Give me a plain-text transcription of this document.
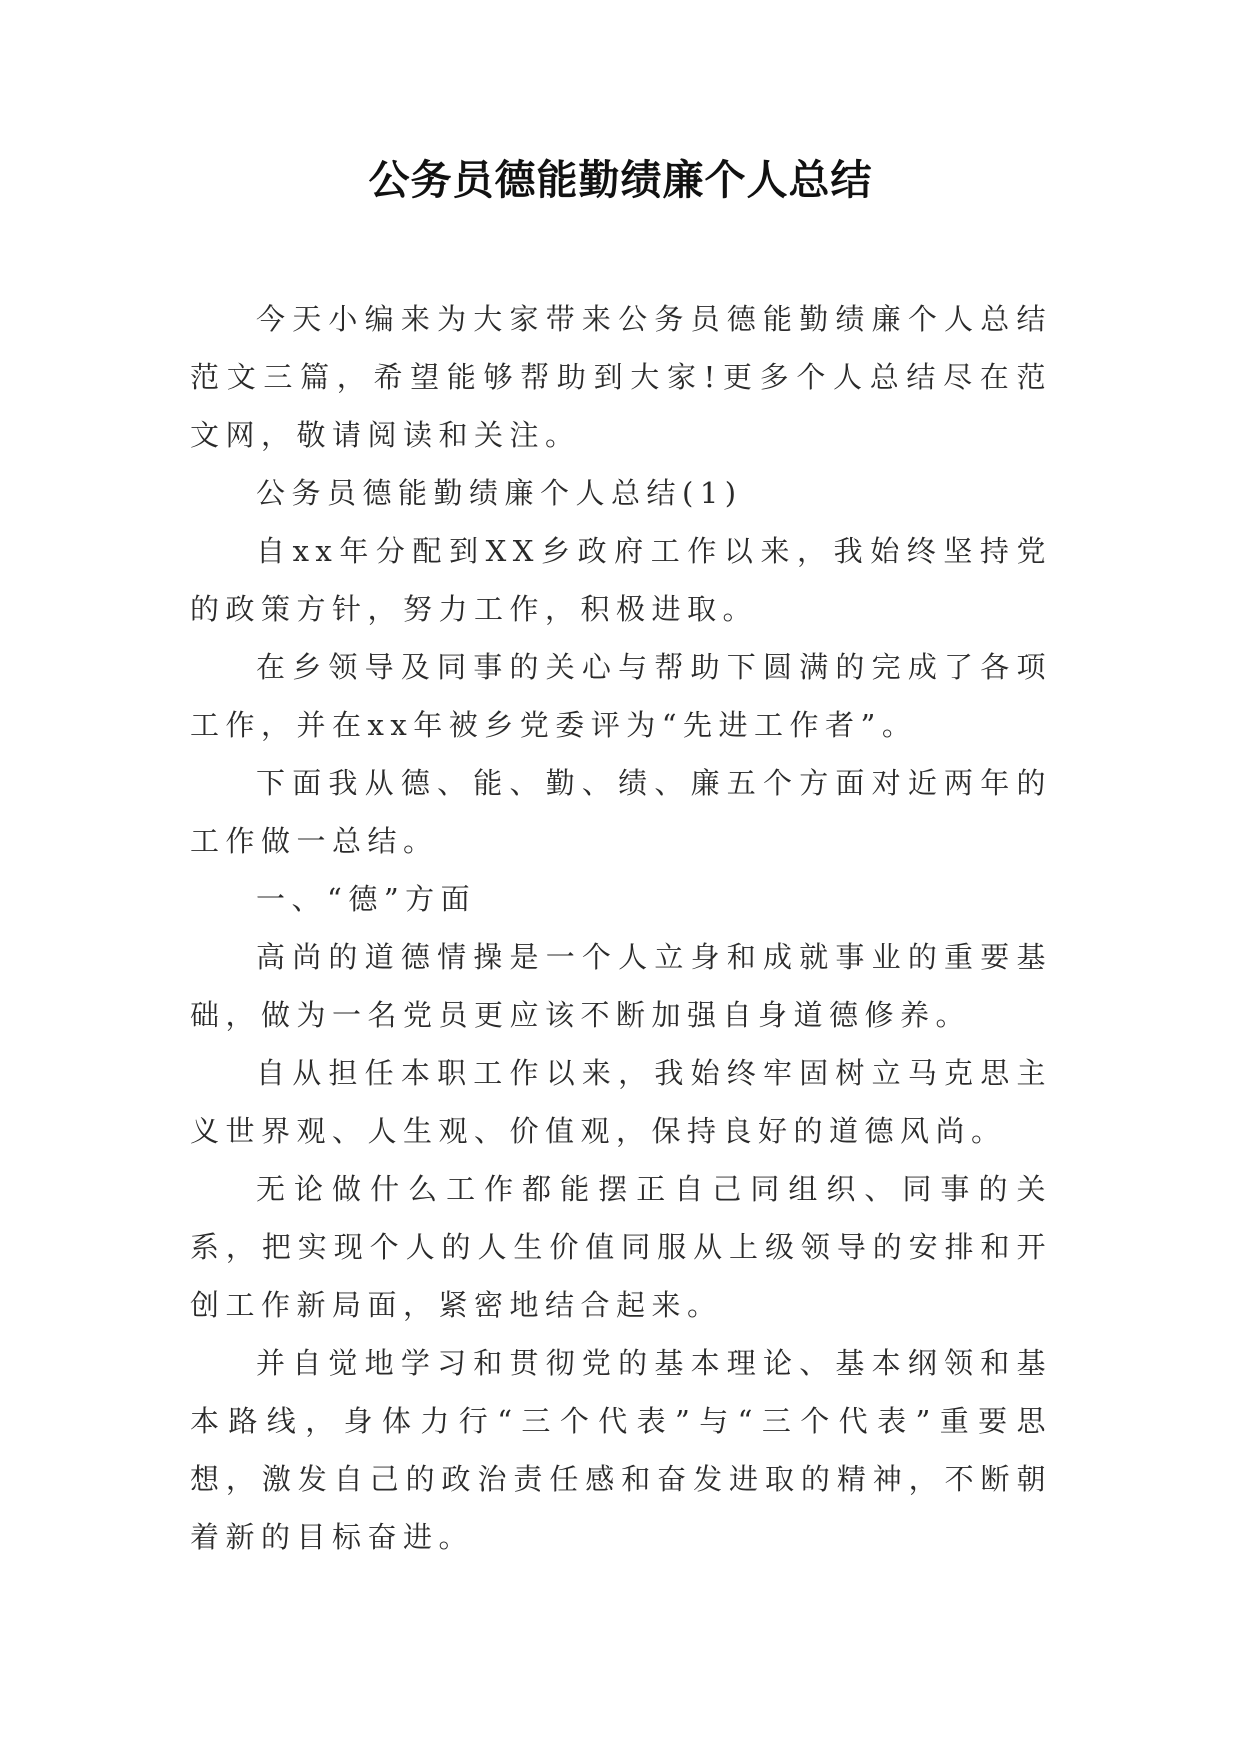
公务员德能勤绩廉个人总结

今天小编来为大家带来公务员德能勤绩廉个人总结范文三篇，希望能够帮助到大家!更多个人总结尽在范文网，敬请阅读和关注。

公务员德能勤绩廉个人总结(1)

自xx年分配到XX乡政府工作以来，我始终坚持党的政策方针，努力工作，积极进取。

在乡领导及同事的关心与帮助下圆满的完成了各项工作，并在xx年被乡党委评为“先进工作者”。

下面我从德、能、勤、绩、廉五个方面对近两年的工作做一总结。

一、“德”方面

高尚的道德情操是一个人立身和成就事业的重要基础，做为一名党员更应该不断加强自身道德修养。

自从担任本职工作以来，我始终牢固树立马克思主义世界观、人生观、价值观，保持良好的道德风尚。

无论做什么工作都能摆正自己同组织、同事的关系，把实现个人的人生价值同服从上级领导的安排和开创工作新局面，紧密地结合起来。

并自觉地学习和贯彻党的基本理论、基本纲领和基本路线，身体力行“三个代表”与“三个代表”重要思想，激发自己的政治责任感和奋发进取的精神，不断朝着新的目标奋进。
